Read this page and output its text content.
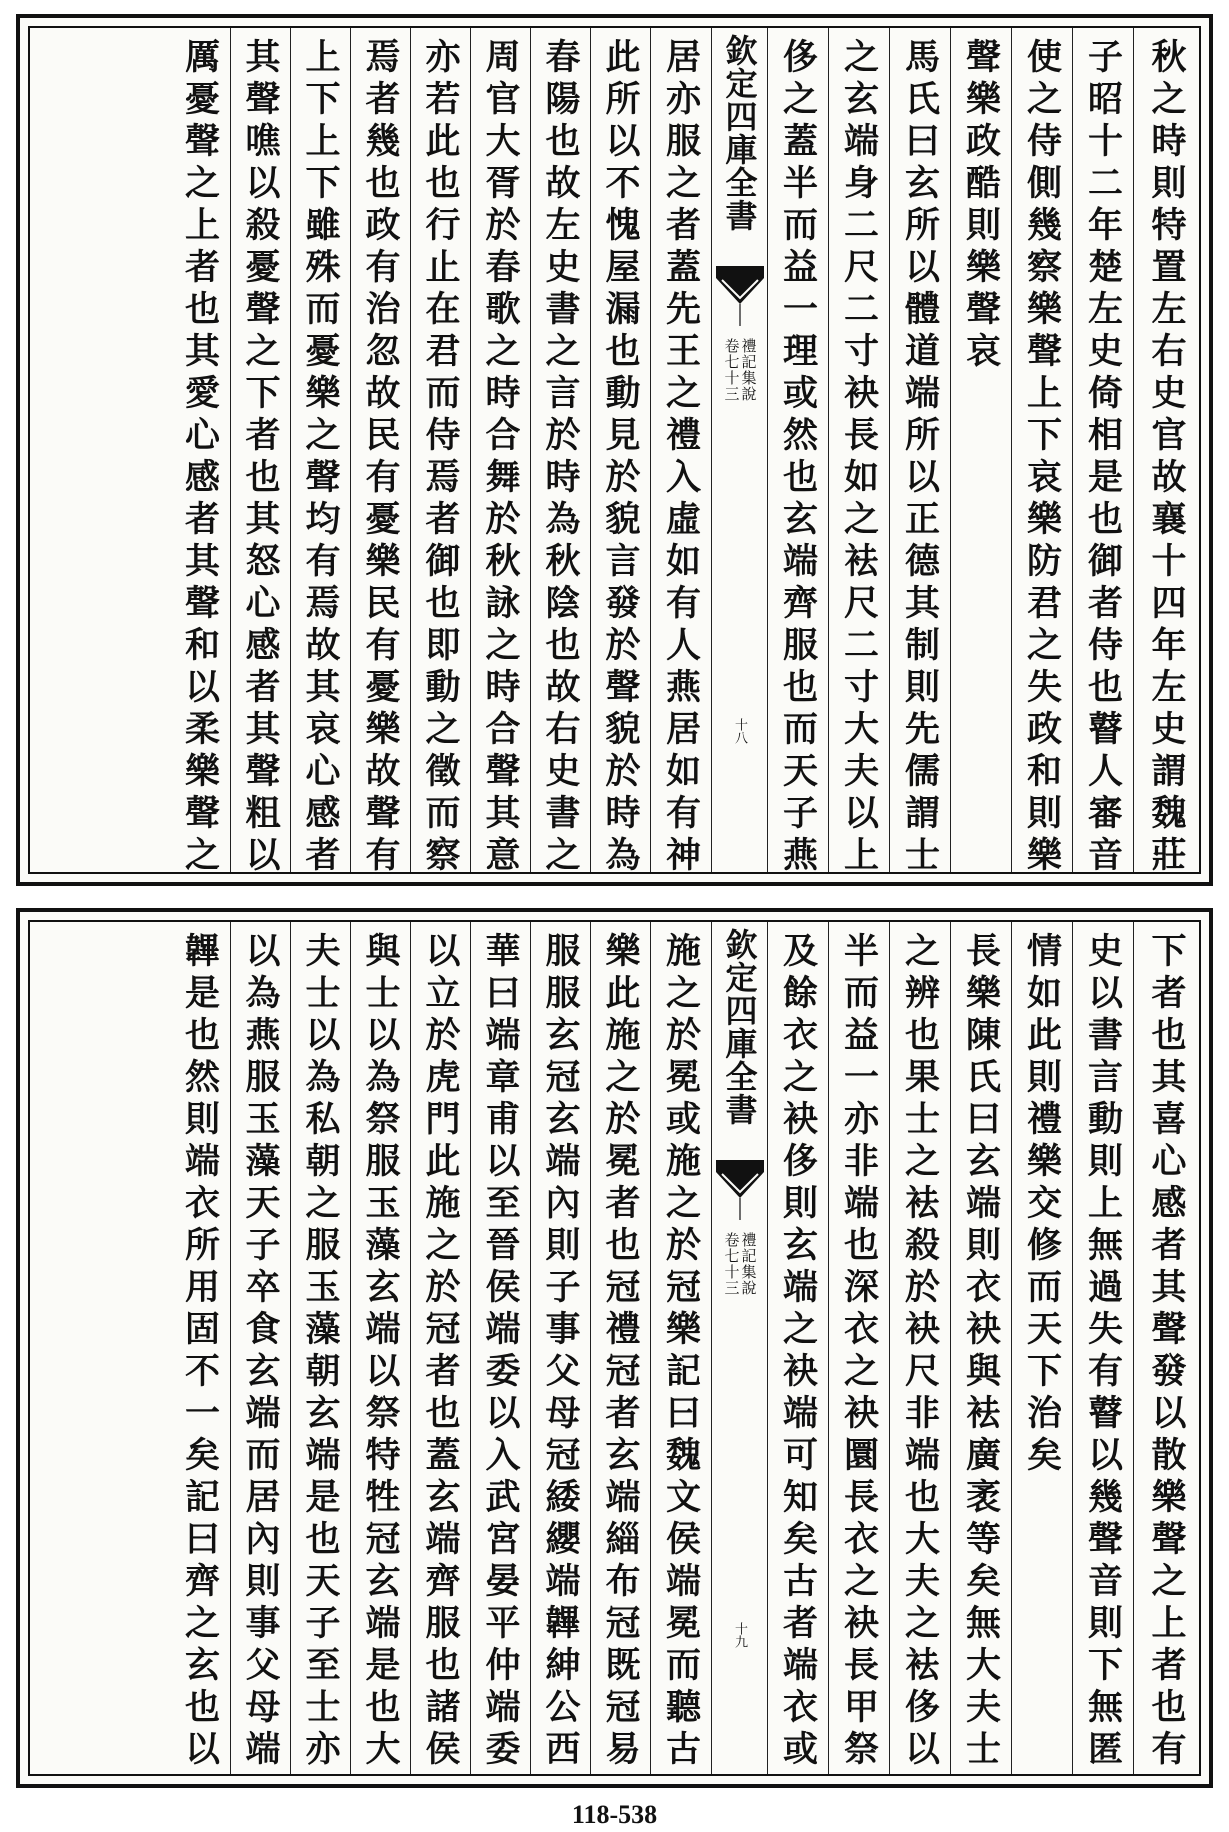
秋之時則特置左右史官故襄十四年左史謂魏莊
子昭十二年楚左史倚相是也御者侍也瞽人審音
使之侍側幾察樂聲上下哀樂防君之失政和則樂
聲樂政酷則樂聲哀
馬氏曰玄所以體道端所以正德其制則先儒謂士
之玄端身二尺二寸袂長如之袪尺二寸大夫以上
侈之蓋半而益一理或然也玄端齊服也而天子燕
欽定四庫全書
卷七十三 禮記集說
十八
居亦服之者蓋先王之禮入虛如有人燕居如有神
此所以不愧屋漏也動見於貌言發於聲貌於時為
春陽也故左史書之言於時為秋陰也故右史書之
周官大胥於春歌之時合舞於秋詠之時合聲其意
亦若此也行止在君而侍焉者御也即動之徵而察
焉者幾也政有治忽故民有憂樂民有憂樂故聲有
上下上下雖殊而憂樂之聲均有焉故其哀心感者
其聲噍以殺憂聲之下者也其怒心感者其聲粗以
厲憂聲之上者也其愛心感者其聲和以柔樂聲之
下者也其喜心感者其聲發以散樂聲之上者也有
史以書言動則上無過失有瞽以幾聲音則下無匿
情如此則禮樂交修而天下治矣
長樂陳氏曰玄端則衣袂與袪廣袤等矣無大夫士
之辨也果士之袪殺於袂尺非端也大夫之袪侈以
半而益一亦非端也深衣之袂圜長衣之袂長甲祭
及餘衣之袂侈則玄端之袂端可知矣古者端衣或
欽定四庫全書
卷七十三 禮記集說
十九
施之於冕或施之於冠樂記曰魏文侯端冕而聽古
樂此施之於冕者也冠禮冠者玄端緇布冠既冠易
服服玄冠玄端內則子事父母冠緌纓端韠紳公西
華曰端章甫以至晉侯端委以入武宮晏平仲端委
以立於虎門此施之於冠者也蓋玄端齊服也諸侯
與士以為祭服玉藻玄端以祭特牲冠玄端是也大
夫士以為私朝之服玉藻朝玄端是也天子至士亦
以為燕服玉藻天子卒食玄端而居內則事父母端
韠是也然則端衣所用固不一矣記曰齊之玄也以
118-538
